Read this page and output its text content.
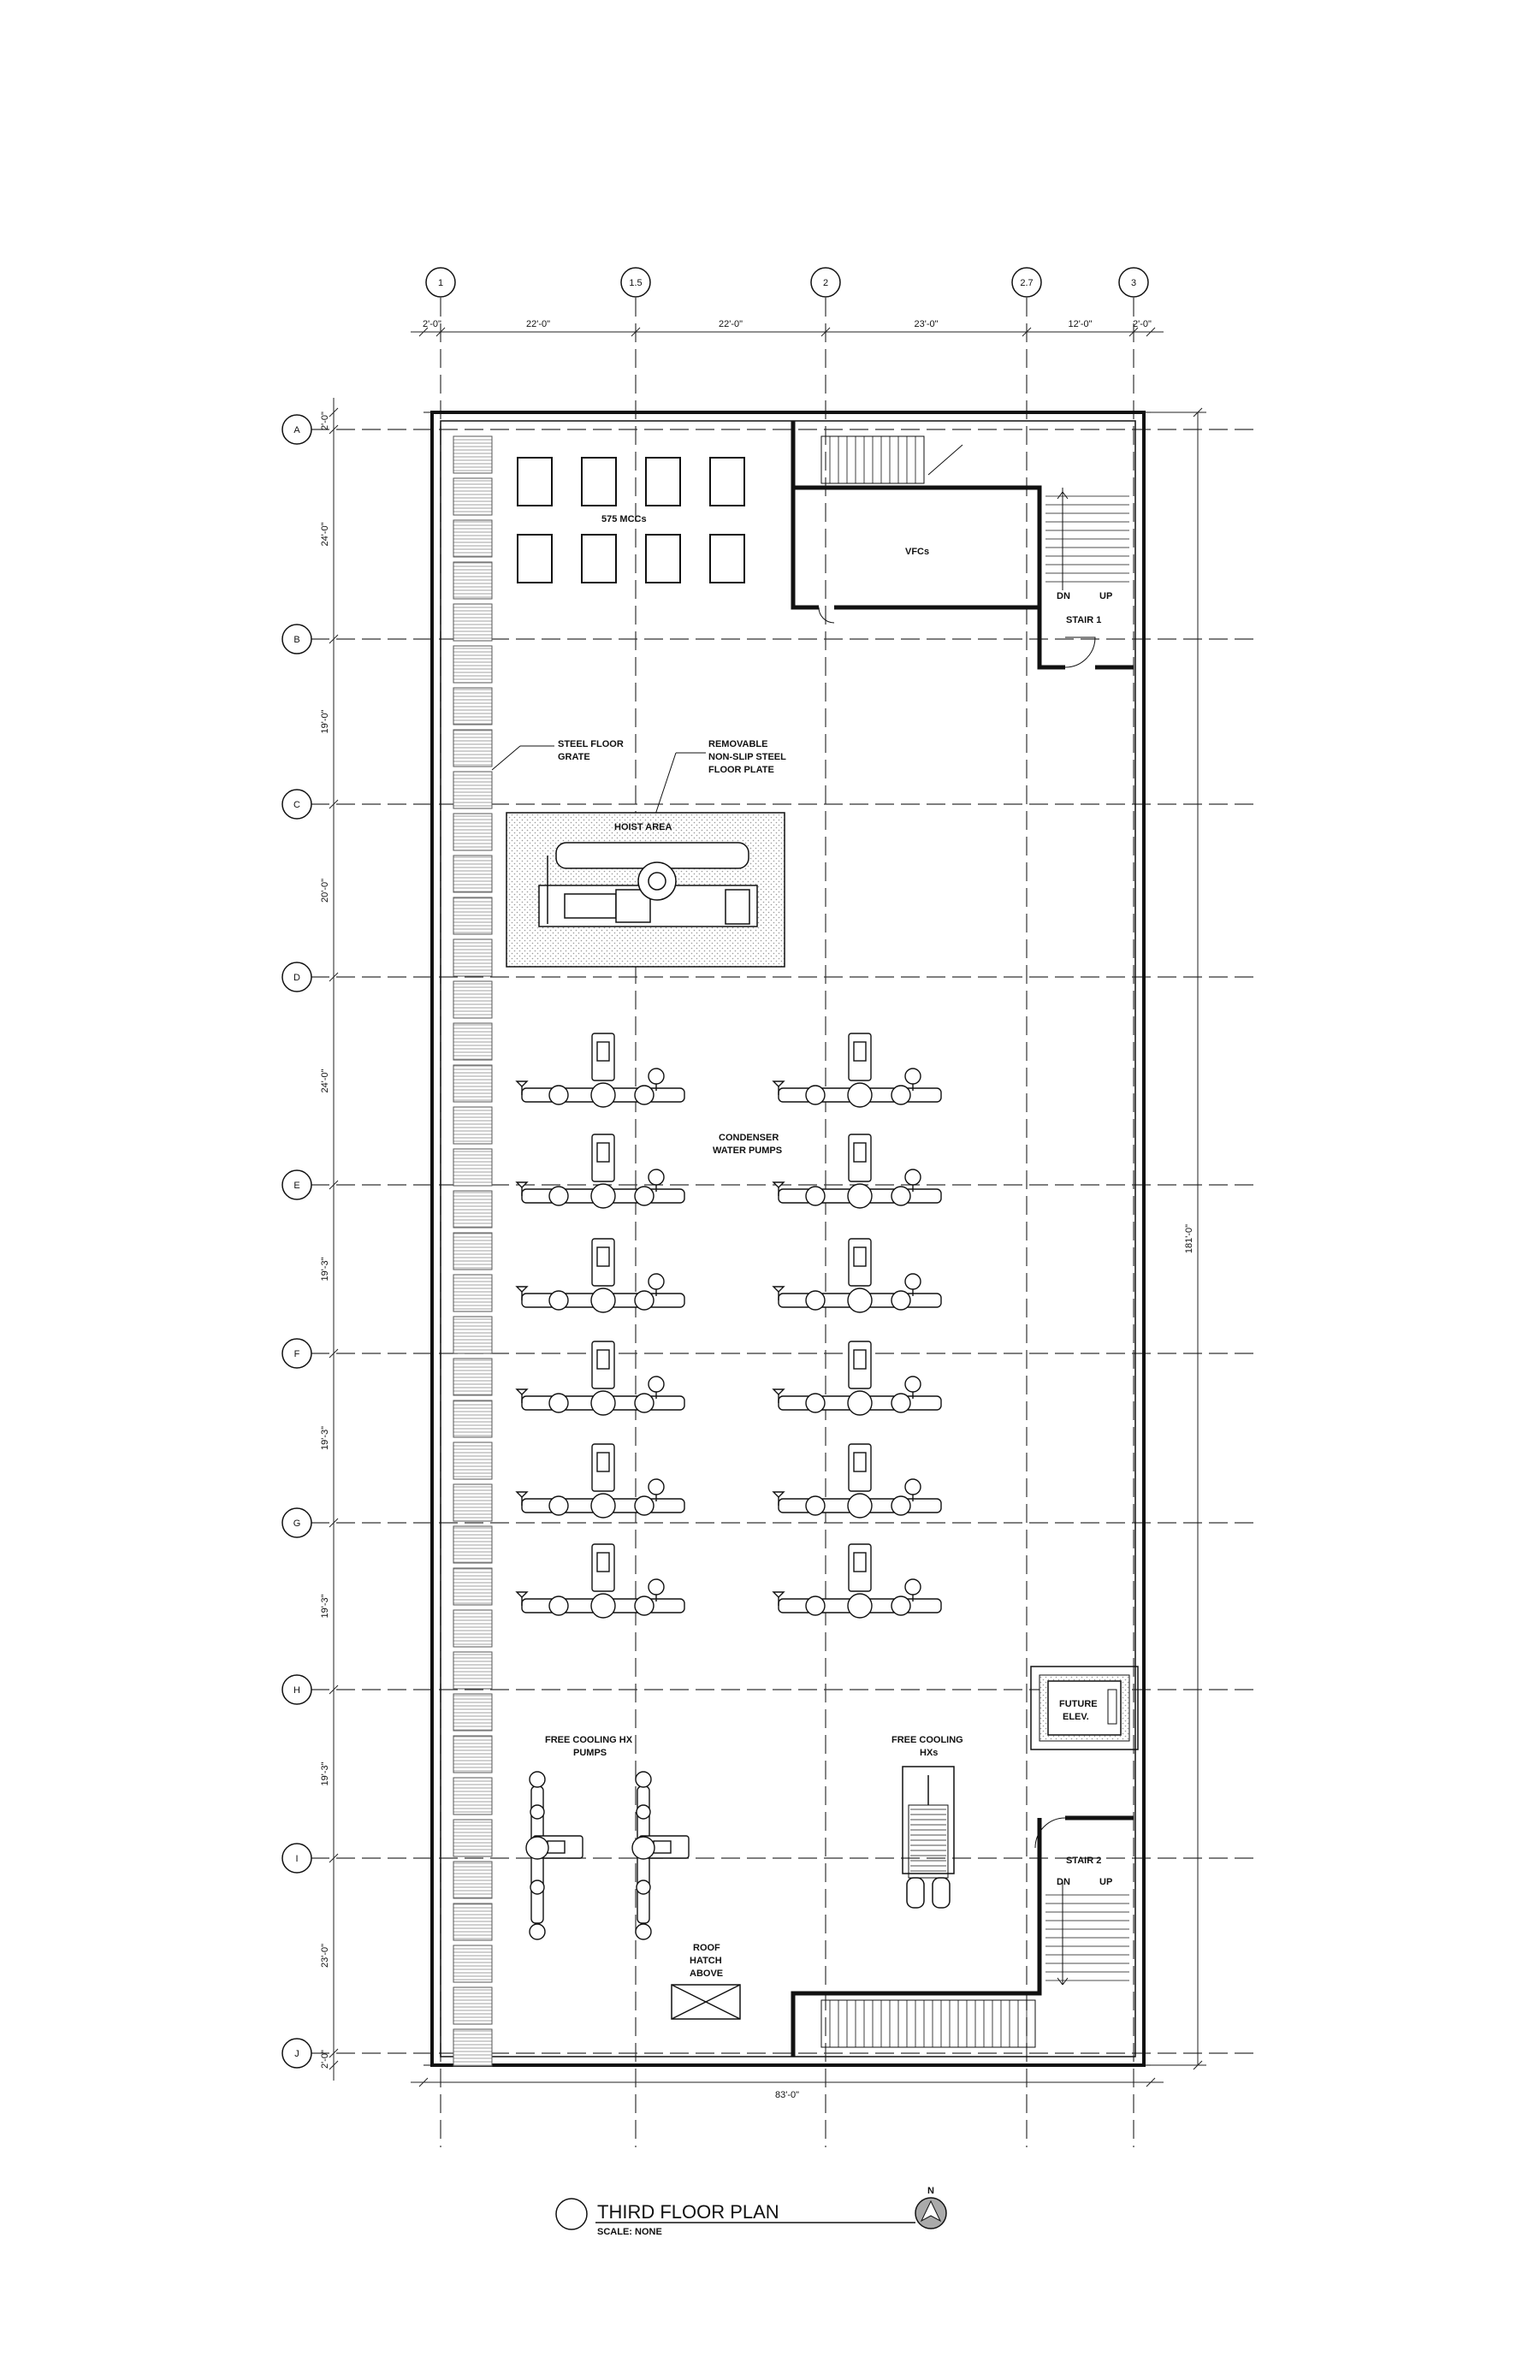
1	1.5	2	2.7	3
A
B
C
D
E
F
G
H
I
J
2'-0"	22'-0"	22'-0"	23'-0"	12'-0"	2'-0"
2'-0"
24'-0"
19'-0"
20'-0"
24'-0"
19'-3"
19'-3"
19'-3"
19'-3"
23'-0"
2'-0"
181'-0"
83'-0"
575 MCCs
VFCs
DN	UP
STAIR 1
STEEL FLOOR
GRATE
REMOVABLE
NON-SLIP STEEL
FLOOR PLATE
HOIST AREA
CONDENSER
WATER PUMPS
FREE COOLING HX
PUMPS
FREE COOLING
HXs
FUTURE
ELEV.
STAIR 2
DN	UP
ROOF
HATCH
ABOVE
THIRD FLOOR PLAN
SCALE: NONE
N
